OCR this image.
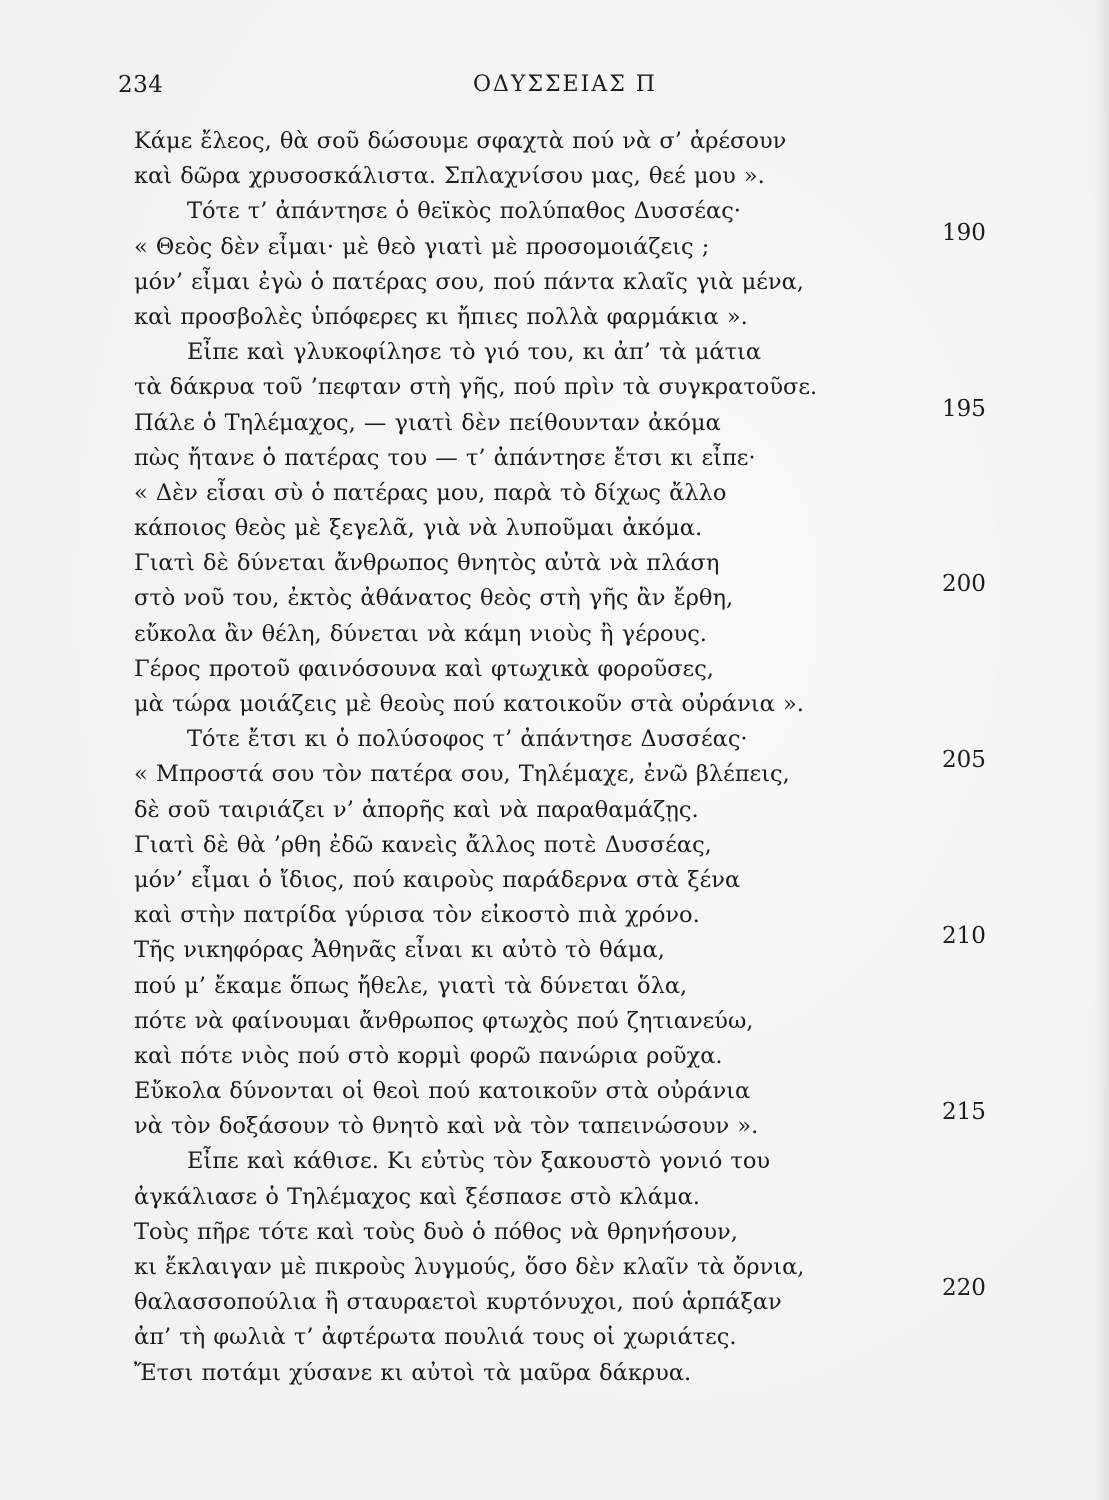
234	ΟΔΥΣΣΕΙΑΣ Π
Κάμε ἔλεος, θὰ σοῦ δώσουμε σφαχτὰ πού νὰ σ’ ἀρέσουν
καὶ δῶρα χρυσοσκάλιστα. Σπλαχνίσου μας, θεέ μου ».
Τότε τ’ ἀπάντησε ὁ θεϊκὸς πολύπαθος Δυσσέας·
« Θεὸς δὲν εἶμαι· μὲ θεὸ γιατὶ μὲ προσομοιάζεις ;
190
μόν’ εἶμαι ἐγὼ ὁ πατέρας σου, πού πάντα κλαῖς γιὰ μένα,
καὶ προσβολὲς ὑπόφερες κι ἤπιες πολλὰ φαρμάκια ».
Εἶπε καὶ γλυκοφίλησε τὸ γιό του, κι ἀπ’ τὰ μάτια
τὰ δάκρυα τοῦ ’πεφταν στὴ γῆς, πού πρὶν τὰ συγκρατοῦσε.
Πάλε ὁ Τηλέμαχος, — γιατὶ δὲν πείθουνταν ἀκόμα
195
πὼς ἤτανε ὁ πατέρας του — τ’ ἀπάντησε ἔτσι κι εἶπε·
« Δὲν εἶσαι σὺ ὁ πατέρας μου, παρὰ τὸ δίχως ἄλλο
κάποιος θεὸς μὲ ξεγελᾶ, γιὰ νὰ λυποῦμαι ἀκόμα.
Γιατὶ δὲ δύνεται ἄνθρωπος θνητὸς αὐτὰ νὰ πλάση
στὸ νοῦ του, ἐκτὸς ἀθάνατος θεὸς στὴ γῆς ἂν ἔρθη,
200
εὔκολα ἂν θέλη, δύνεται νὰ κάμη νιοὺς ἢ γέρους.
Γέρος προτοῦ φαινόσουνα καὶ φτωχικὰ φοροῦσες,
μὰ τώρα μοιάζεις μὲ θεοὺς πού κατοικοῦν στὰ οὐράνια ».
Τότε ἔτσι κι ὁ πολύσοφος τ’ ἀπάντησε Δυσσέας·
« Μπροστά σου τὸν πατέρα σου, Τηλέμαχε, ἐνῶ βλέπεις,
205
δὲ σοῦ ταιριάζει ν’ ἀπορῆς καὶ νὰ παραθαμάζῃς.
Γιατὶ δὲ θὰ ’ρθη ἐδῶ κανεὶς ἄλλος ποτὲ Δυσσέας,
μόν’ εἶμαι ὁ ἴδιος, πού καιροὺς παράδερνα στὰ ξένα
καὶ στὴν πατρίδα γύρισα τὸν εἰκοστὸ πιὰ χρόνο.
Τῆς νικηφόρας Ἀθηνᾶς εἶναι κι αὐτὸ τὸ θάμα,
210
πού μ’ ἔκαμε ὅπως ἤθελε, γιατὶ τὰ δύνεται ὅλα,
πότε νὰ φαίνουμαι ἄνθρωπος φτωχὸς πού ζητιανεύω,
καὶ πότε νιὸς πού στὸ κορμὶ φορῶ πανώρια ροῦχα.
Εὔκολα δύνονται οἱ θεοὶ πού κατοικοῦν στὰ οὐράνια
νὰ τὸν δοξάσουν τὸ θνητὸ καὶ νὰ τὸν ταπεινώσουν ».
215
Εἶπε καὶ κάθισε. Κι εὐτὺς τὸν ξακουστὸ γονιό του
ἀγκάλιασε ὁ Τηλέμαχος καὶ ξέσπασε στὸ κλάμα.
Τοὺς πῆρε τότε καὶ τοὺς δυὸ ὁ πόθος νὰ θρηνήσουν,
κι ἔκλαιγαν μὲ πικροὺς λυγμούς, ὅσο δὲν κλαῖν τὰ ὄρνια,
θαλασσοπούλια ἢ σταυραετοὶ κυρτόνυχοι, πού ἁρπάξαν
220
ἀπ’ τὴ φωλιὰ τ’ ἀφτέρωτα πουλιά τους οἱ χωριάτες.
Ἔτσι ποτάμι χύσανε κι αὐτοὶ τὰ μαῦρα δάκρυα.
